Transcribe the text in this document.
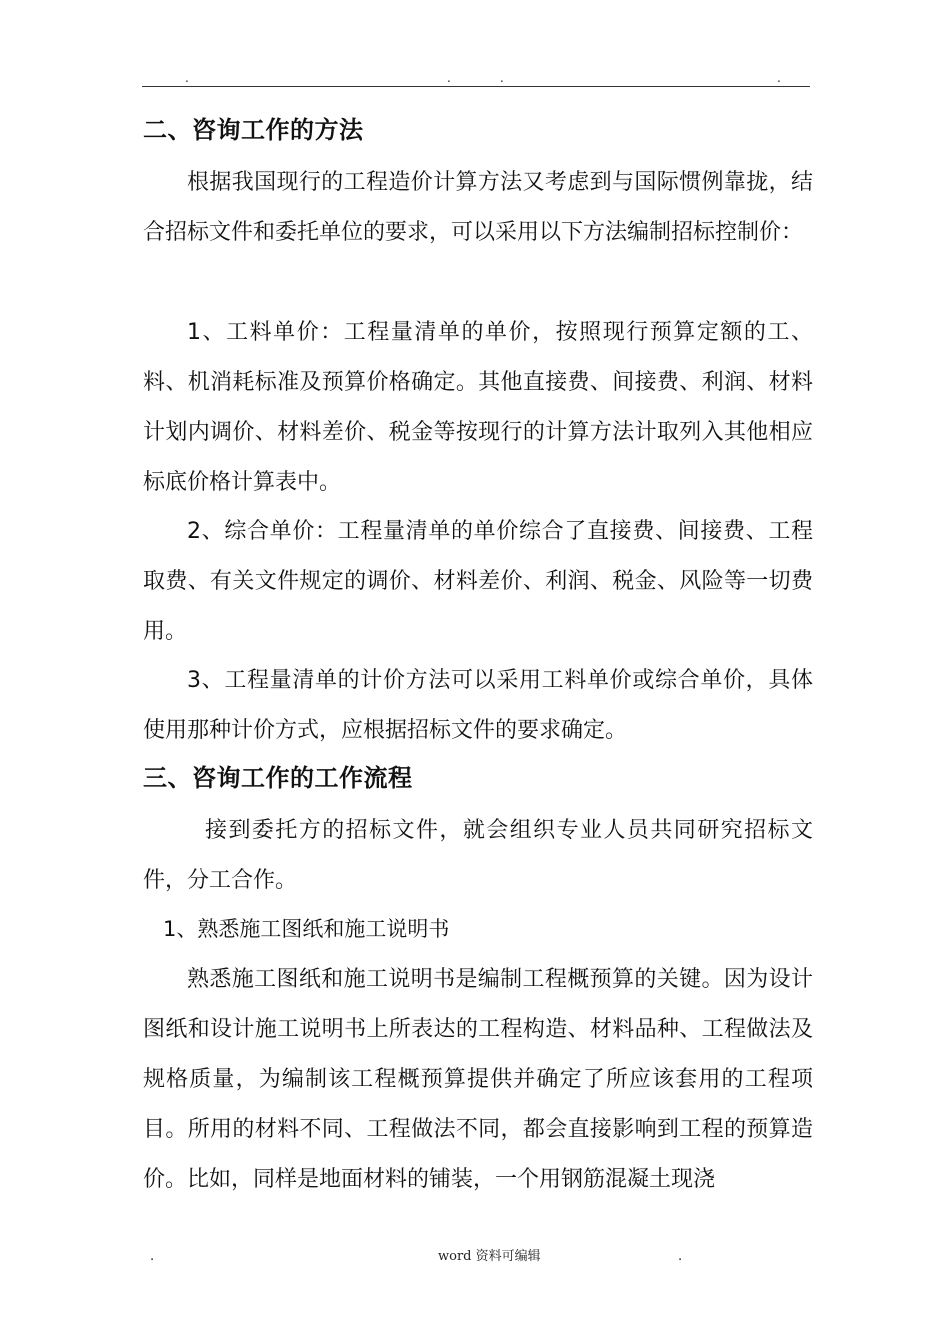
.	.	.	.
二、咨询工作的方法
根据我国现行的工程造价计算方法又考虑到与国际惯例靠拢，结合招标文件和委托单位的要求，可以采用以下方法编制招标控制价：
1、工料单价：工程量清单的单价，按照现行预算定额的工、料、机消耗标准及预算价格确定。其他直接费、间接费、利润、材料计划内调价、材料差价、税金等按现行的计算方法计取列入其他相应标底价格计算表中。
2、综合单价：工程量清单的单价综合了直接费、间接费、工程取费、有关文件规定的调价、材料差价、利润、税金、风险等一切费用。
3、工程量清单的计价方法可以采用工料单价或综合单价，具体使用那种计价方式，应根据招标文件的要求确定。
三、咨询工作的工作流程
接到委托方的招标文件，就会组织专业人员共同研究招标文件，分工合作。
1、熟悉施工图纸和施工说明书
熟悉施工图纸和施工说明书是编制工程概预算的关键。因为设计图纸和设计施工说明书上所表达的工程构造、材料品种、工程做法及规格质量，为编制该工程概预算提供并确定了所应该套用的工程项目。所用的材料不同、工程做法不同，都会直接影响到工程的预算造价。比如，同样是地面材料的铺装，一个用钢筋混凝土现浇
.	word 资料可编辑	.
